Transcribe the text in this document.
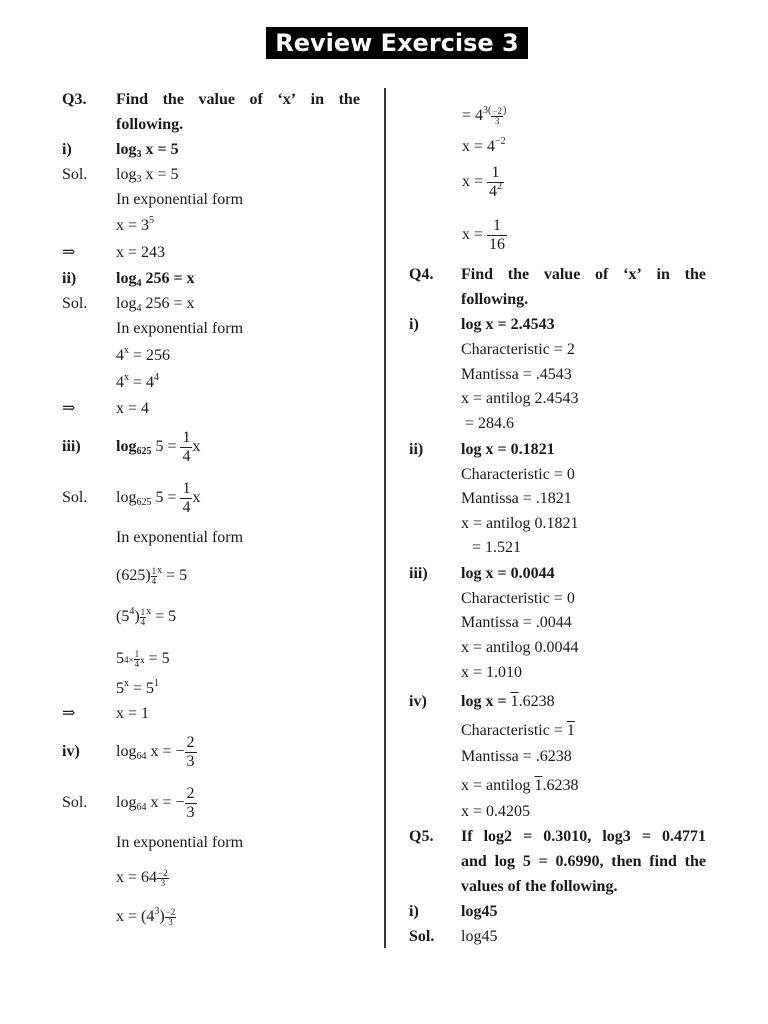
Review Exercise 3
Q3. Find the value of ‘x’ in the
following.
i)	$\log_3 x = 5$
Sol. $\log_3 x = 5$
In exponential form
$x = 3^5$
⇒	x = 243
ii) $\log_4 256 = x$
Sol. $\log_4 256 = x$
In exponential form
$4^x = 256$
$4^x = 4^4$
⇒	x = 4
iii) $\log_{625} 5 = \frac{1}{4}$ x
Sol. $\log_{625} 5 = \frac{1}{4}$ x
In exponential form
$(625) \frac{1}{4} ^x = 5$
$(5^4) \frac{1}{4} ^x = 5$
$5^{4\times} \frac{1}{4} ^x = 5$
$5^x = 5^1$
⇒	x = 1
iv) $\log_{64} x$ = − $\frac{2}{3}$
Sol. $\log_{64} x$ = − $\frac{2}{3}$
In exponential form
$x = 64 \frac{-2}{3}$
$x = (4^3) \frac{-2}{3}$
= $4^{3(} \frac{-2}{3} ^)$
$x = 4^{-2}$
$x = \frac{1}{4^2}$
$x = \frac{1}{16}$
Q4. Find the value of ‘x’ in the
following.
i)	log x = 2.4543
Characteristic = 2
Mantissa = .4543
x = antilog 2.4543
= 284.6
ii) log x = 0.1821
Characteristic = 0
Mantissa = .1821
x = antilog 0.1821
= 1.521
iii) log x = 0.0044
Characteristic = 0
Mantissa = .0044
x = antilog 0.0044
x = 1.010
iv) log x = 1.6238
Characteristic = 1
Mantissa = .6238
x = antilog 1.6238
x = 0.4205
Q5. If log2 = 0.3010, log3 = 0.4771
and log 5 = 0.6990, then find the
values of the following.
i)	log45
Sol. log45
